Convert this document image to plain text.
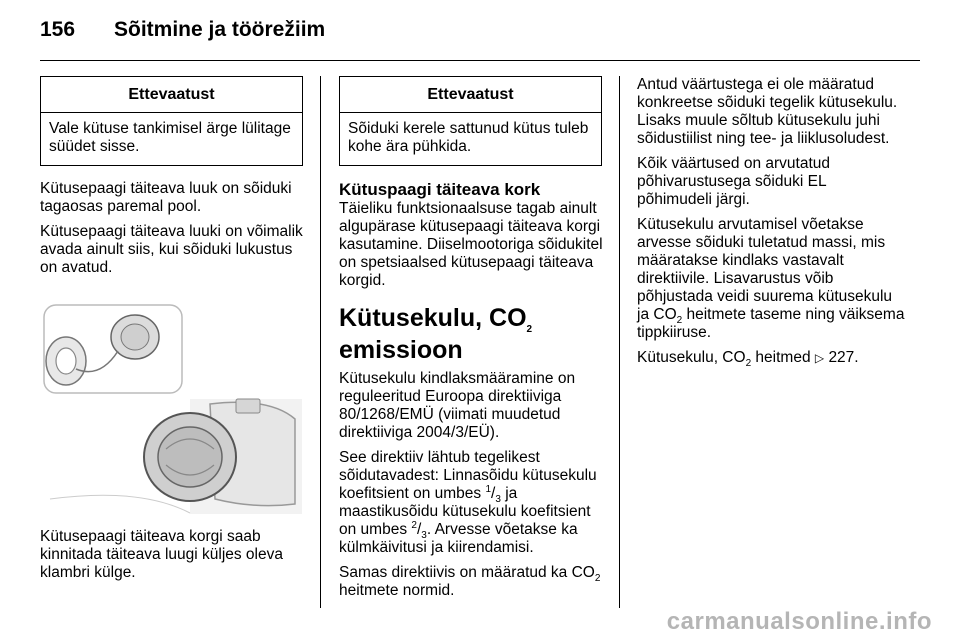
156 Sõitmine ja töörežiim
Ettevaatust
Vale kütuse tankimisel ärge lülitage süüdet sisse.

Kütusepaagi täiteava luuk on sõiduki tagaosas paremal pool.

Kütusepaagi täiteava luuki on võimalik avada ainult siis, kui sõiduki lukustus on avatud.

Kütusepaagi täiteava korgi saab kinnitada täiteava luugi küljes oleva klambri külge.

Ettevaatust
Sõiduki kerele sattunud kütus tuleb kohe ära pühkida.
Kütuspaagi täiteava kork

Täieliku funktsionaalsuse tagab ainult algupärase kütusepaagi täiteava korgi kasutamine. Diiselmootoriga sõidukitel on spetsiaalsed kütusepaagi täiteava korgid.

Kütusekulu, $CO_2$
emissioon

Kütusekulu kindlaksmääramine on reguleeritud Euroopa direktiiviga 80/1268/EMÜ (viimati muudetud direktiiviga 2004/3/EÜ).

See direktiiv lähtub tegelikest sõidutavadest: Linnasõidu kütusekulu koefitsient on umbes $^1/_3$ ja maastikusõidu kütusekulu koefitsient on umbes $^2/_3$. Arvesse võetakse ka külmkäivitusi ja kiirendamisi.

Samas direktiivis on määratud ka $CO_2$ heitmete normid.

Antud väärtustega ei ole määratud konkreetse sõiduki tegelik kütusekulu. Lisaks muule sõltub kütusekulu juhi sõidustiilist ning tee- ja liiklusoludest.

Kõik väärtused on arvutatud põhivarustusega sõiduki EL põhimudeli järgi.

Kütusekulu arvutamisel võetakse arvesse sõiduki tuletatud massi, mis määratakse kindlaks vastavalt direktiivile. Lisavarustus võib põhjustada veidi suurema kütusekulu ja $CO_2$ heitmete taseme ning väiksema tippkiiruse.

Kütusekulu, $CO_2$ heitmed ▷ 227.

carmanualsonline.info
